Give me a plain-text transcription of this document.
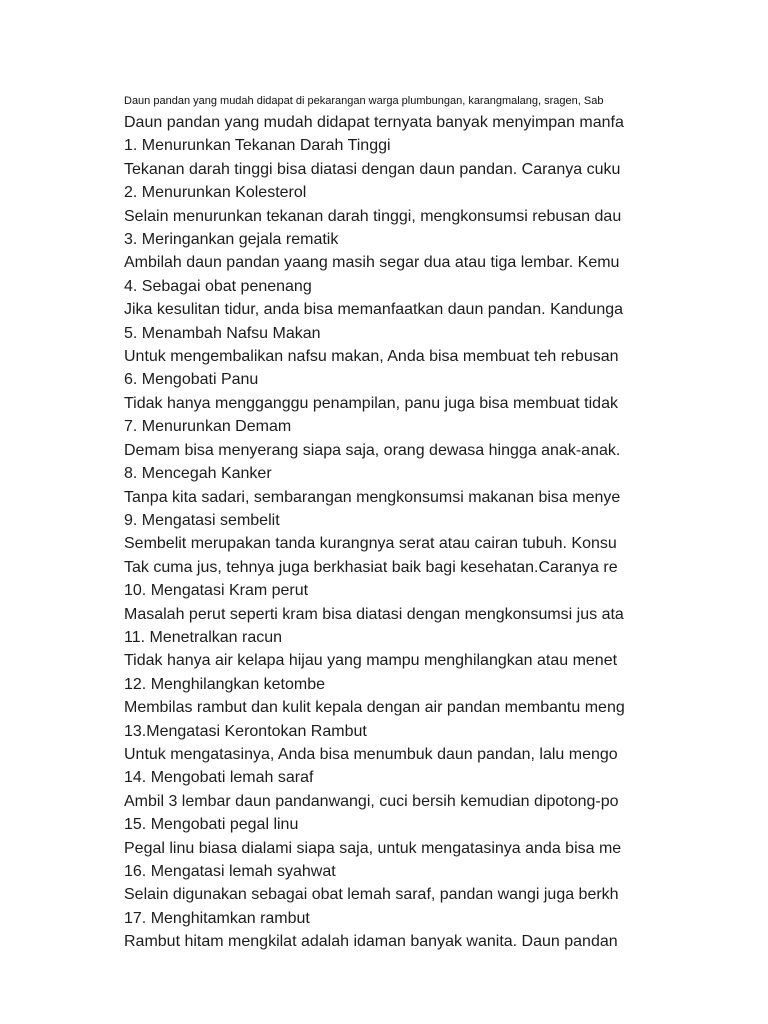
Daun pandan yang mudah didapat di pekarangan warga plumbungan, karangmalang, sragen, Sab
Daun pandan yang mudah didapat ternyata banyak menyimpan manfa
1. Menurunkan Tekanan Darah Tinggi
Tekanan darah tinggi bisa diatasi dengan daun pandan. Caranya cuku
2. Menurunkan Kolesterol
Selain menurunkan tekanan darah tinggi, mengkonsumsi rebusan dau
3. Meringankan gejala rematik
Ambilah daun pandan yaang masih segar dua atau tiga lembar. Kemu
4. Sebagai obat penenang
Jika kesulitan tidur, anda bisa memanfaatkan daun pandan. Kandunga
5. Menambah Nafsu Makan
Untuk mengembalikan nafsu makan, Anda bisa membuat teh rebusan
6. Mengobati Panu
Tidak hanya mengganggu penampilan, panu juga bisa membuat tidak
7. Menurunkan Demam
Demam bisa menyerang siapa saja, orang dewasa hingga anak-anak.
8. Mencegah Kanker
Tanpa kita sadari, sembarangan mengkonsumsi makanan bisa menye
9. Mengatasi sembelit
Sembelit merupakan tanda kurangnya serat atau cairan tubuh. Konsu
Tak cuma jus, tehnya juga berkhasiat baik bagi kesehatan.Caranya re
10. Mengatasi Kram perut
Masalah perut seperti kram bisa diatasi dengan mengkonsumsi jus ata
11. Menetralkan racun
Tidak hanya air kelapa hijau yang mampu menghilangkan atau menet
12. Menghilangkan ketombe
Membilas rambut dan kulit kepala dengan air pandan membantu meng
13.Mengatasi Kerontokan Rambut
Untuk mengatasinya, Anda bisa menumbuk daun pandan, lalu mengo
14. Mengobati lemah saraf
Ambil 3 lembar daun pandanwangi, cuci bersih kemudian dipotong-po
15. Mengobati pegal linu
Pegal linu biasa dialami siapa saja, untuk mengatasinya anda bisa me
16. Mengatasi lemah syahwat
Selain digunakan sebagai obat lemah saraf, pandan wangi juga berkh
17. Menghitamkan rambut
Rambut hitam mengkilat adalah idaman banyak wanita. Daun pandan
